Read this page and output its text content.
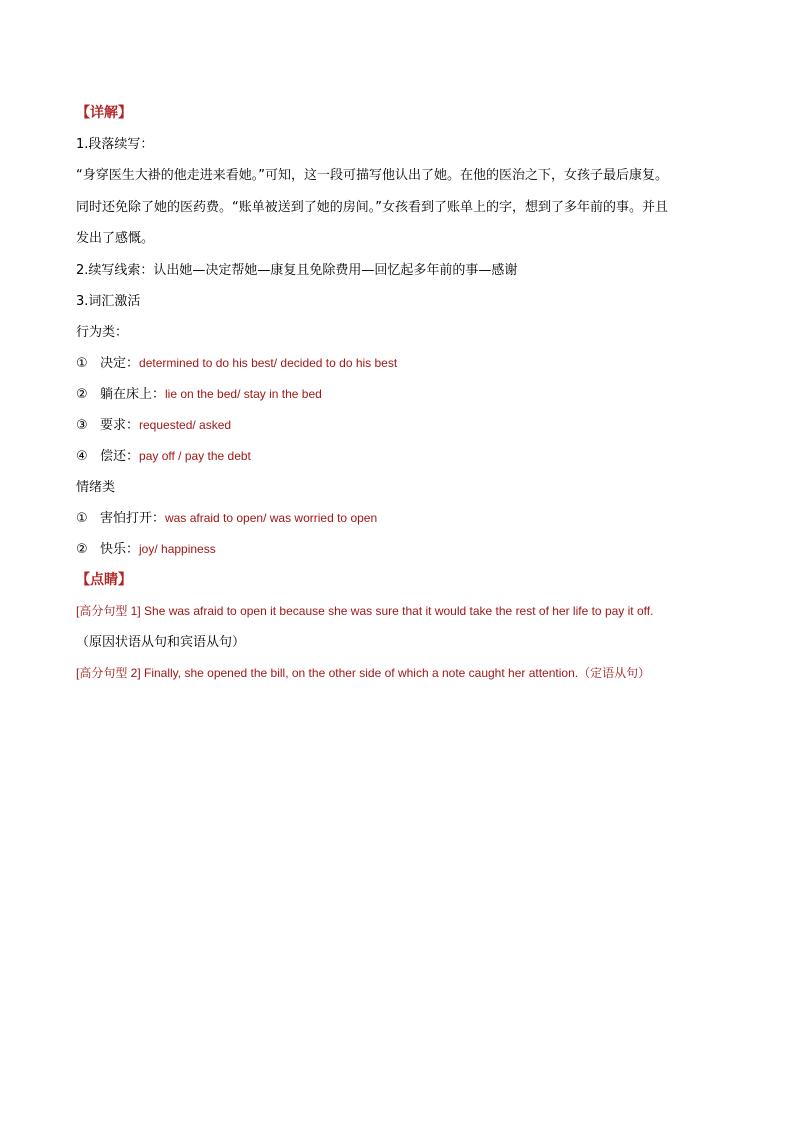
【详解】
1.段落续写：
“身穿医生大褂的他走进来看她。”可知，这一段可描写他认出了她。在他的医治之下，女孩子最后康复。
同时还免除了她的医药费。“账单被送到了她的房间。”女孩看到了账单上的字，想到了多年前的事。并且
发出了感慨。
2.续写线索：认出她—决定帮她—康复且免除费用—回忆起多年前的事—感谢
3.词汇激活
行为类：
① 决定：determined to do his best/ decided to do his best
② 躺在床上：lie on the bed/ stay in the bed
③ 要求：requested/ asked
④ 偿还：pay off / pay the debt
情绪类
① 害怕打开：was afraid to open/ was worried to open
② 快乐：joy/ happiness
【点睛】
[高分句型 1] She was afraid to open it because she was sure that it would take the rest of her life to pay it off.
（原因状语从句和宾语从句）
[高分句型 2] Finally, she opened the bill, on the other side of which a note caught her attention.（定语从句）
